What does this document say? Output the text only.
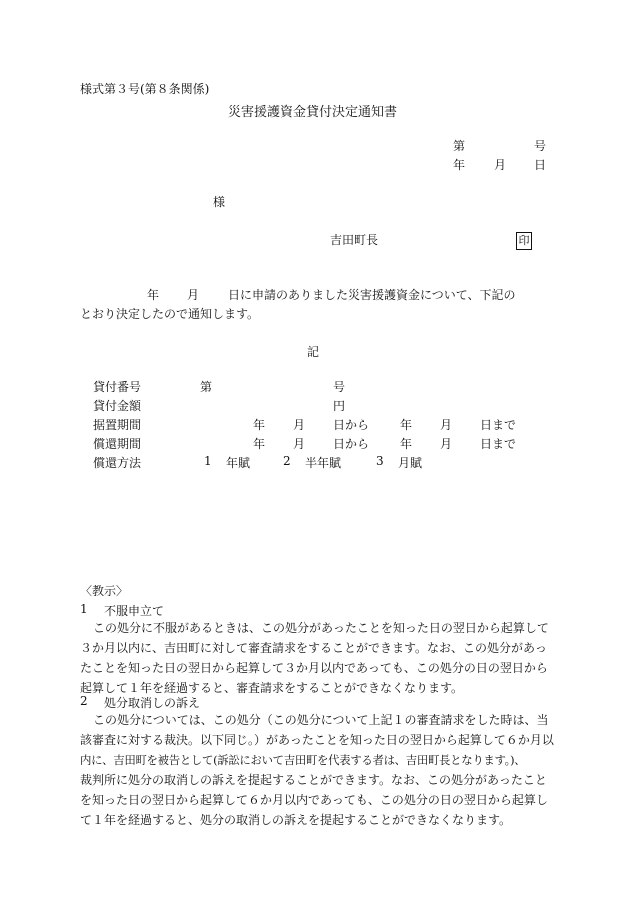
様式第３号(第８条関係)
災害援護資金貸付決定通知書
第	号
年 月 日
様
吉田町長	印
年 月 日に申請のありました災害援護資金について、下記の
とおり決定したので通知します。
記
貸付番号	第	号
貸付金額	円
据置期間	年 月 日から	年 月 日まで
償還期間	年 月 日から	年 月 日まで
償還方法	1 年賦	2 半年賦	3 月賦
〈教示〉
1 不服申立て

この処分に不服があるときは、この処分があったことを知った日の翌日から起算して

３か月以内に、吉田町に対して審査請求をすることができます。なお、この処分があっ

たことを知った日の翌日から起算して３か月以内であっても、この処分の日の翌日から

起算して１年を経過すると、審査請求をすることができなくなります。

2 処分取消しの訴え

この処分については、この処分（この処分について上記１の審査請求をした時は、当

該審査に対する裁決。以下同じ。）があったことを知った日の翌日から起算して６か月以

内に、吉田町を被告として(訴訟において吉田町を代表する者は、吉田町長となります。)、

裁判所に処分の取消しの訴えを提起することができます。なお、この処分があったこと

を知った日の翌日から起算して６か月以内であっても、この処分の日の翌日から起算し

て１年を経過すると、処分の取消しの訴えを提起することができなくなります。
